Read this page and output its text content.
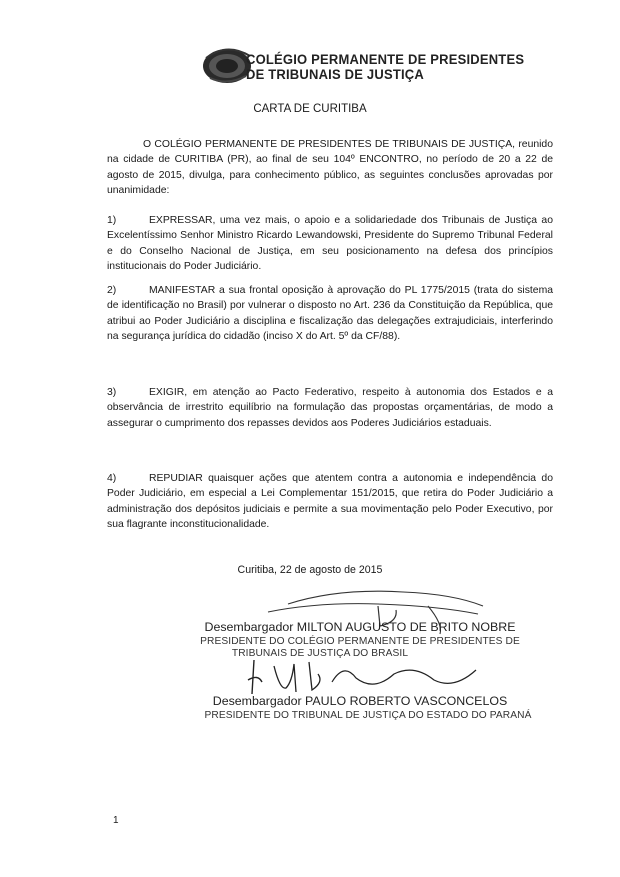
COLÉGIO PERMANENTE DE PRESIDENTES
DE TRIBUNAIS DE JUSTIÇA
CARTA DE CURITIBA
O COLÉGIO PERMANENTE DE PRESIDENTES DE TRIBUNAIS DE JUSTIÇA, reunido na cidade de CURITIBA (PR), ao final de seu 104º ENCONTRO, no período de 20 a 22 de agosto de 2015, divulga, para conhecimento público, as seguintes conclusões aprovadas por unanimidade:
1)	EXPRESSAR, uma vez mais, o apoio e a solidariedade dos Tribunais de Justiça ao Excelentíssimo Senhor Ministro Ricardo Lewandowski, Presidente do Supremo Tribunal Federal e do Conselho Nacional de Justiça, em seu posicionamento na defesa dos princípios institucionais do Poder Judiciário.
2)	MANIFESTAR a sua frontal oposição à aprovação do PL 1775/2015 (trata do sistema de identificação no Brasil) por vulnerar o disposto no Art. 236 da Constituição da República, que atribui ao Poder Judiciário a disciplina e fiscalização das delegações extrajudiciais, interferindo na segurança jurídica do cidadão (inciso X do Art. 5º da CF/88).
3)	EXIGIR, em atenção ao Pacto Federativo, respeito à autonomia dos Estados e a observância de irrestrito equilíbrio na formulação das propostas orçamentárias, de modo a assegurar o cumprimento dos repasses devidos aos Poderes Judiciários estaduais.
4)	REPUDIAR quaisquer ações que atentem contra a autonomia e independência do Poder Judiciário, em especial a Lei Complementar 151/2015, que retira do Poder Judiciário a administração dos depósitos judiciais e permite a sua movimentação pelo Poder Executivo, por sua flagrante inconstitucionalidade.
Curitiba, 22 de agosto de 2015
Desembargador MILTON AUGUSTO DE BRITO NOBRE
PRESIDENTE DO COLÉGIO PERMANENTE DE PRESIDENTES DE
TRIBUNAIS DE JUSTIÇA DO BRASIL
Desembargador PAULO ROBERTO VASCONCELOS
PRESIDENTE DO TRIBUNAL DE JUSTIÇA DO ESTADO DO PARANÁ
1
